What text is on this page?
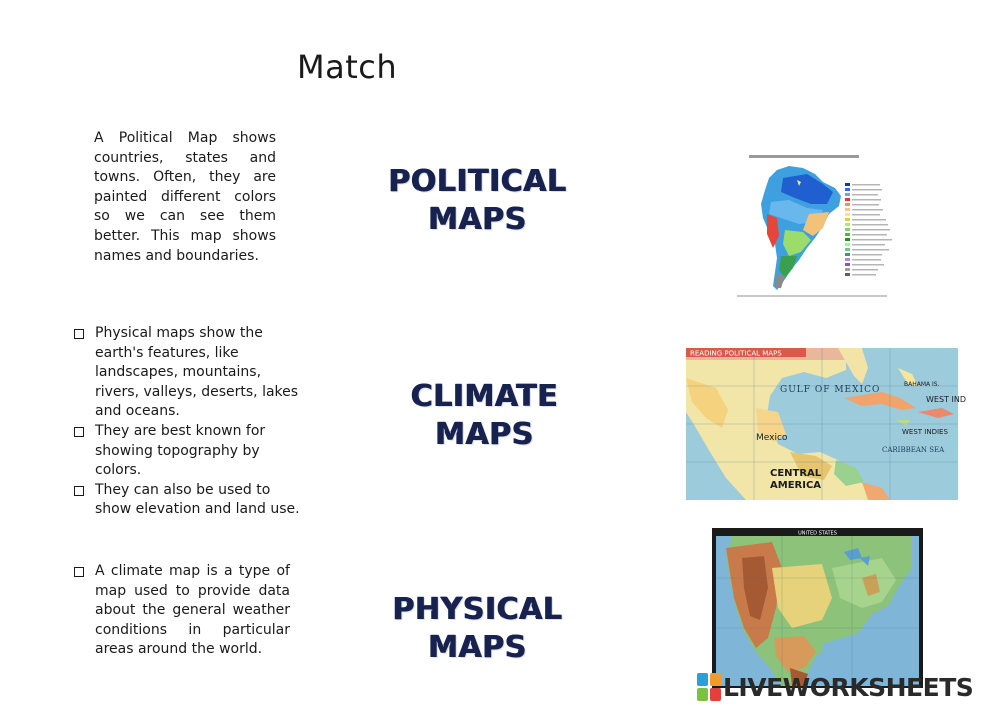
Match
A Political Map shows countries, states and towns. Often, they are painted different colors so we can see them better. This map shows names and boundaries.
Physical maps show the earth's features, like landscapes, mountains, rivers, valleys, deserts, lakes and oceans.
They are best known for showing topography by colors.
They can also be used to show elevation and land use.
A climate map is a type of map used to provide data about the general weather conditions in particular areas around the world.
POLITICAL
MAPS
CLIMATE
MAPS
PHYSICAL
MAPS
READING POLITICAL MAPS
GULF OF MEXICO
Mexico
BAHAMA IS.
WEST IND
CENTRAL
AMERICA
CARIBBEAN SEA
WEST INDIES
UNITED STATES
LIVEWORKSHEETS
